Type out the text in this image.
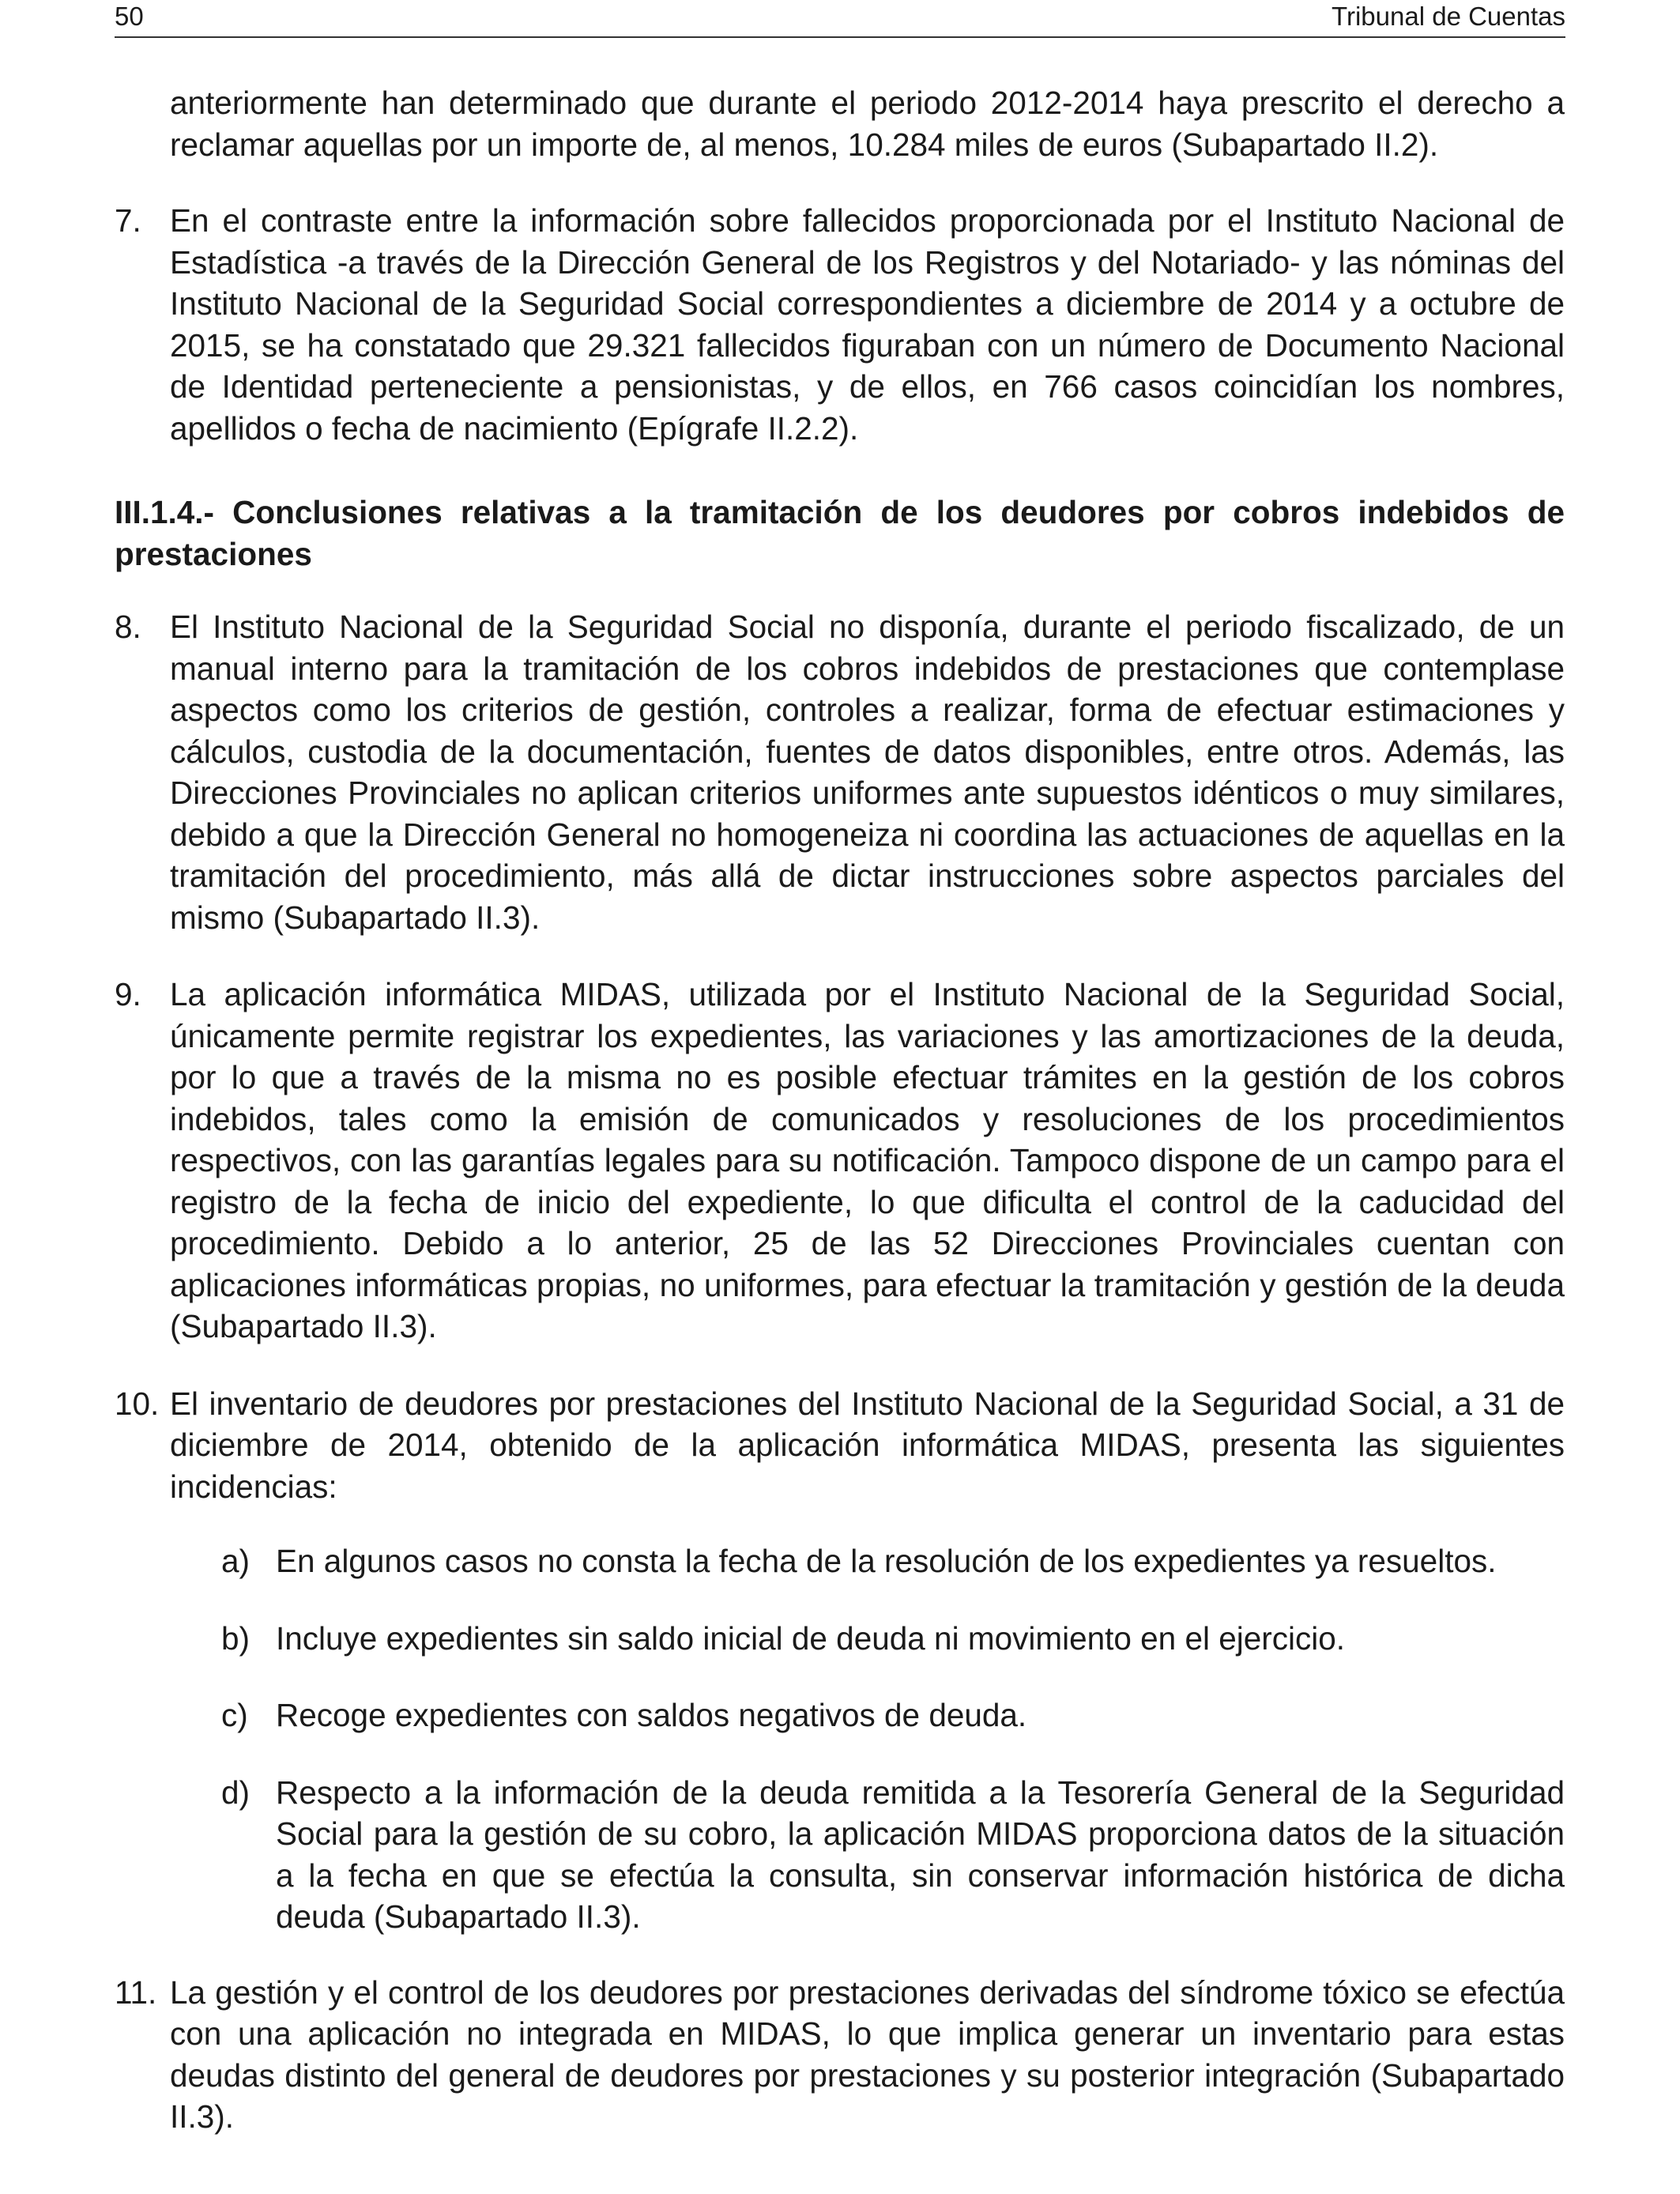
50	Tribunal de Cuentas

anteriormente han determinado que durante el periodo 2012-2014 haya prescrito el derecho a reclamar aquellas por un importe de, al menos, 10.284 miles de euros (Subapartado II.2).

7. En el contraste entre la información sobre fallecidos proporcionada por el Instituto Nacional de Estadística -a través de la Dirección General de los Registros y del Notariado- y las nóminas del Instituto Nacional de la Seguridad Social correspondientes a diciembre de 2014 y a octubre de 2015, se ha constatado que 29.321 fallecidos figuraban con un número de Documento Nacional de Identidad perteneciente a pensionistas, y de ellos, en 766 casos coincidían los nombres, apellidos o fecha de nacimiento (Epígrafe II.2.2).

III.1.4.- Conclusiones relativas a la tramitación de los deudores por cobros indebidos de prestaciones

8. El Instituto Nacional de la Seguridad Social no disponía, durante el periodo fiscalizado, de un manual interno para la tramitación de los cobros indebidos de prestaciones que contemplase aspectos como los criterios de gestión, controles a realizar, forma de efectuar estimaciones y cálculos, custodia de la documentación, fuentes de datos disponibles, entre otros. Además, las Direcciones Provinciales no aplican criterios uniformes ante supuestos idénticos o muy similares, debido a que la Dirección General no homogeneiza ni coordina las actuaciones de aquellas en la tramitación del procedimiento, más allá de dictar instrucciones sobre aspectos parciales del mismo (Subapartado II.3).

9. La aplicación informática MIDAS, utilizada por el Instituto Nacional de la Seguridad Social, únicamente permite registrar los expedientes, las variaciones y las amortizaciones de la deuda, por lo que a través de la misma no es posible efectuar trámites en la gestión de los cobros indebidos, tales como la emisión de comunicados y resoluciones de los procedimientos respectivos, con las garantías legales para su notificación. Tampoco dispone de un campo para el registro de la fecha de inicio del expediente, lo que dificulta el control de la caducidad del procedimiento. Debido a lo anterior, 25 de las 52 Direcciones Provinciales cuentan con aplicaciones informáticas propias, no uniformes, para efectuar la tramitación y gestión de la deuda (Subapartado II.3).

10. El inventario de deudores por prestaciones del Instituto Nacional de la Seguridad Social, a 31 de diciembre de 2014, obtenido de la aplicación informática MIDAS, presenta las siguientes incidencias:

a) En algunos casos no consta la fecha de la resolución de los expedientes ya resueltos.

b) Incluye expedientes sin saldo inicial de deuda ni movimiento en el ejercicio.

c) Recoge expedientes con saldos negativos de deuda.

d) Respecto a la información de la deuda remitida a la Tesorería General de la Seguridad Social para la gestión de su cobro, la aplicación MIDAS proporciona datos de la situación a la fecha en que se efectúa la consulta, sin conservar información histórica de dicha deuda (Subapartado II.3).

11. La gestión y el control de los deudores por prestaciones derivadas del síndrome tóxico se efectúa con una aplicación no integrada en MIDAS, lo que implica generar un inventario para estas deudas distinto del general de deudores por prestaciones y su posterior integración (Subapartado II.3).
